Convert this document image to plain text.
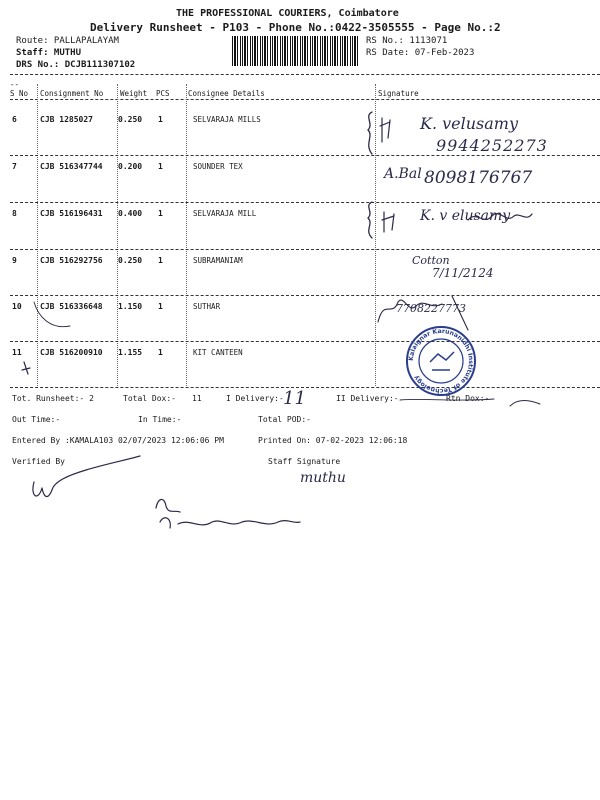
THE PROFESSIONAL COURIERS, Coimbatore
Delivery Runsheet - P103 - Phone No.:0422-3505555 - Page No.:2
Route: PALLAPALAYAM
Staff: MUTHU
DRS No.: DCJB111307102
RS No.: 1113071
RS Date: 07-Feb-2023
--
S No Consignment No Weight PCS Consignee Details	Signature
6	CJB 1285027	0.250 1	SELVARAJA MILLS	K. velusamy
9944252273
7	CJB 516347744 0.200 1	SOUNDER TEX	A.Bal 8098176767
8	CJB 516196431 0.400 1	SELVARAJA MILL	K. v elusamy
9	CJB 516292756 0.250 1	SUBRAMANIAM	Cotton
7/11/2124
10 CJB 516336648 1.150 1	SUTHAR	7708227773
11 CJB 516200910 1.155 1	KIT CANTEEN
Kalaignar Karunanidhi Institute of Technology
Tot. Runsheet:- 2	Total Dox:- 11	I Delivery:- 11	II Delivery:-	Rtn Dox:-
Out Time:-	In Time:-	Total POD:-
Entered By :KAMALA103 02/07/2023 12:06:06 PM	Printed On: 07-02-2023 12:06:18
Verified By	Staff Signature
muthu
